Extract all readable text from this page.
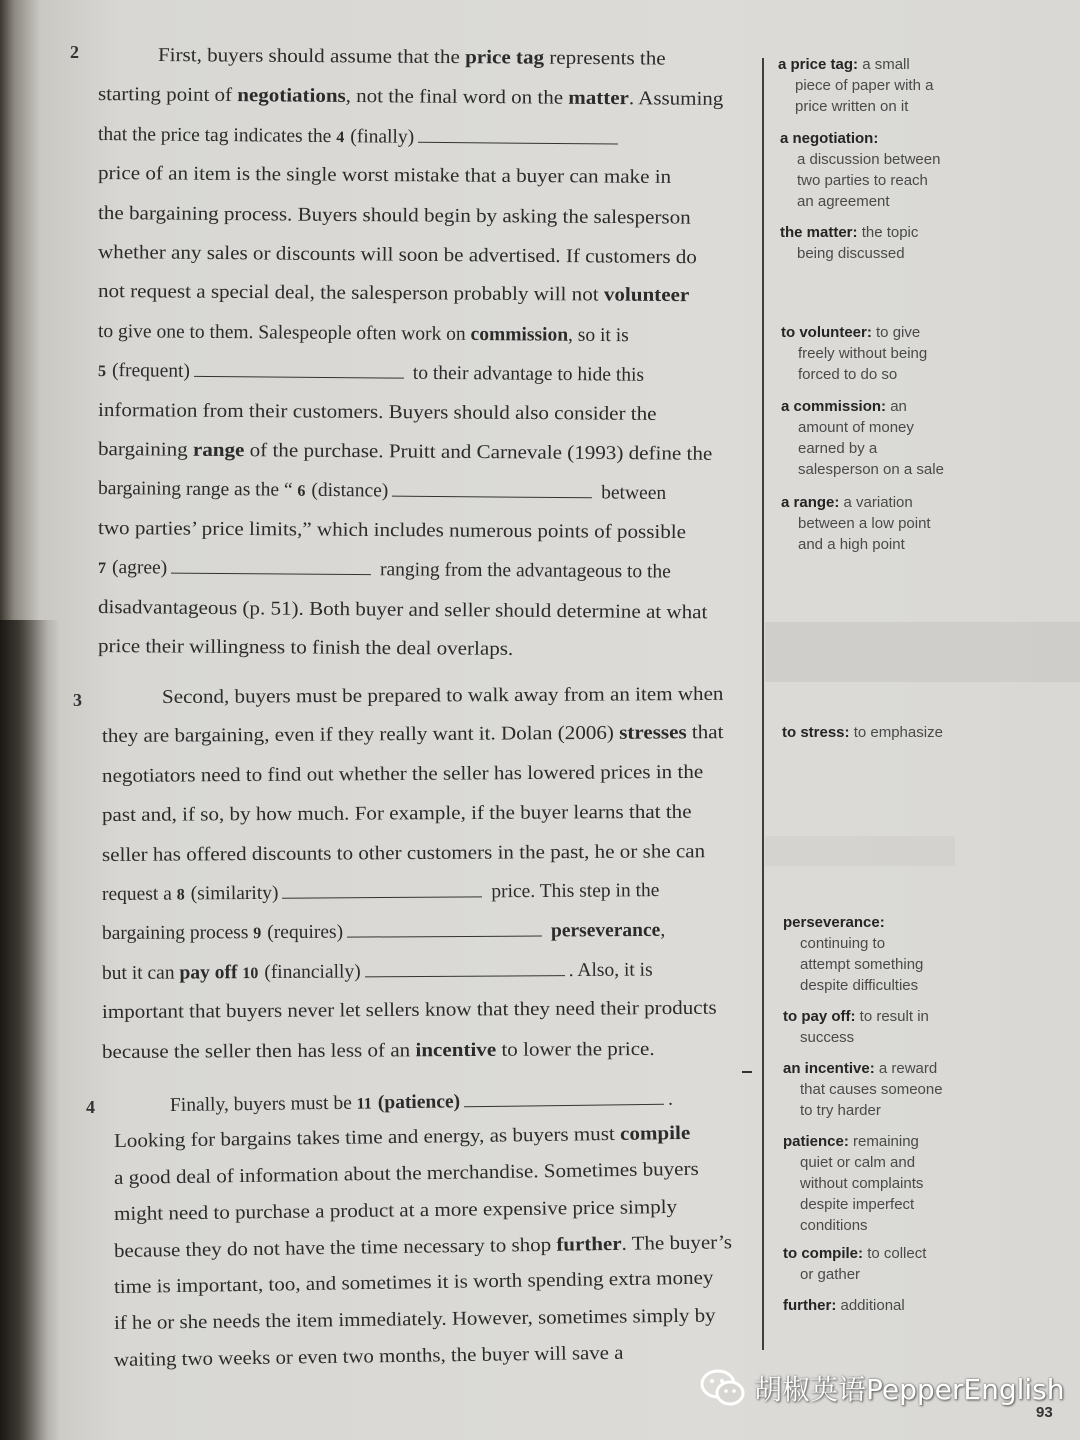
2	First, buyers should assume that the price tag represents the
starting point of negotiations, not the final word on the matter. Assuming
that the price tag indicates the 4 (finally)
price of an item is the single worst mistake that a buyer can make in
the bargaining process. Buyers should begin by asking the salesperson
whether any sales or discounts will soon be advertised. If customers do
not request a special deal, the salesperson probably will not volunteer
to give one to them. Salespeople often work on commission, so it is
5 (frequent)	to their advantage to hide this
information from their customers. Buyers should also consider the
bargaining range of the purchase. Pruitt and Carnevale (1993) define the
bargaining range as the “ 6 (distance)	between
two parties’ price limits,” which includes numerous points of possible
7 (agree)	ranging from the advantageous to the
disadvantageous (p. 51). Both buyer and seller should determine at what
price their willingness to finish the deal overlaps.
3	Second, buyers must be prepared to walk away from an item when
they are bargaining, even if they really want it. Dolan (2006) stresses that
negotiators need to find out whether the seller has lowered prices in the
past and, if so, by how much. For example, if the buyer learns that the
seller has offered discounts to other customers in the past, he or she can
request a 8 (similarity)	price. This step in the
bargaining process 9 (requires)	perseverance,
but it can pay off 10 (financially)	. Also, it is
important that buyers never let sellers know that they need their products
because the seller then has less of an incentive to lower the price.
4	Finally, buyers must be 11 (patience)	.
Looking for bargains takes time and energy, as buyers must compile
a good deal of information about the merchandise. Sometimes buyers
might need to purchase a product at a more expensive price simply
because they do not have the time necessary to shop further. The buyer’s
time is important, too, and sometimes it is worth spending extra money
if he or she needs the item immediately. However, sometimes simply by
waiting two weeks or even two months, the buyer will save a
a price tag: a small
piece of paper with a
price written on it
a negotiation:
a discussion between
two parties to reach
an agreement
the matter: the topic
being discussed
to volunteer: to give
freely without being
forced to do so
a commission: an
amount of money
earned by a
salesperson on a sale
a range: a variation
between a low point
and a high point
to stress: to emphasize
perseverance:
continuing to
attempt something
despite difficulties
to pay off: to result in
success
an incentive: a reward
that causes someone
to try harder
patience: remaining
quiet or calm and
without complaints
despite imperfect
conditions
to compile: to collect
or gather
further: additional
胡椒英语PepperEnglish
93
